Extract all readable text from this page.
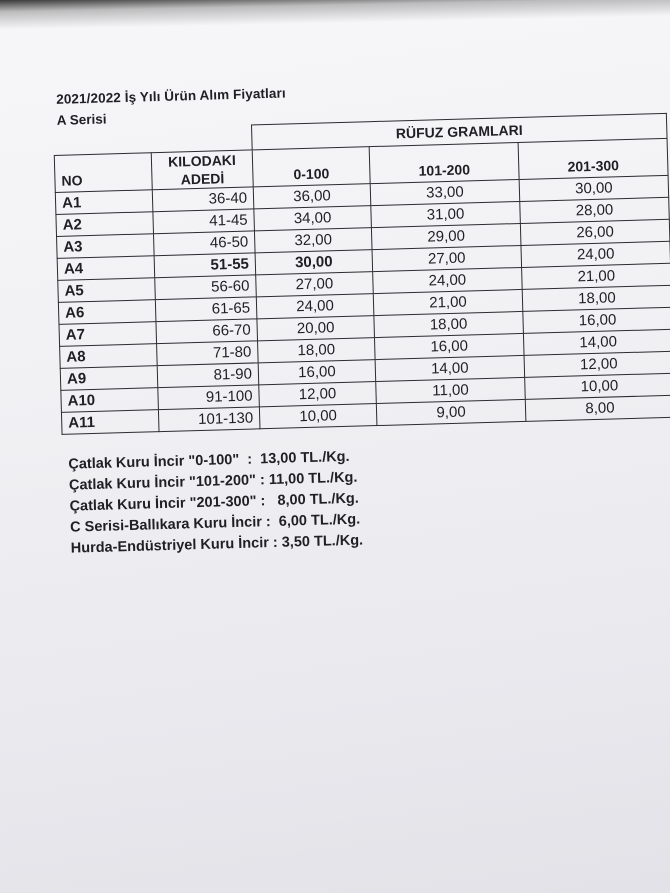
2021/2022 İş Yılı Ürün Alım Fiyatları
A Serisi
		RÜFUZ GRAMLARI		
NO	KILODAKI ADEDİ	0-100	101-200	201-300
A1	36-40	36,00	33,00	30,00
A2	41-45	34,00	31,00	28,00
A3	46-50	32,00	29,00	26,00
A4	51-55	30,00	27,00	24,00
A5	56-60	27,00	24,00	21,00
A6	61-65	24,00	21,00	18,00
A7	66-70	20,00	18,00	16,00
A8	71-80	18,00	16,00	14,00
A9	81-90	16,00	14,00	12,00
A10	91-100	12,00	11,00	10,00
A11	101-130	10,00	9,00	8,00
Çatlak Kuru İncir "0-100"  :  13,00 TL./Kg.
Çatlak Kuru İncir "101-200" : 11,00 TL./Kg.
Çatlak Kuru İncir "201-300" :   8,00 TL./Kg.
C Serisi-Ballıkara Kuru İncir :  6,00 TL./Kg.
Hurda-Endüstriyel Kuru İncir : 3,50 TL./Kg.
